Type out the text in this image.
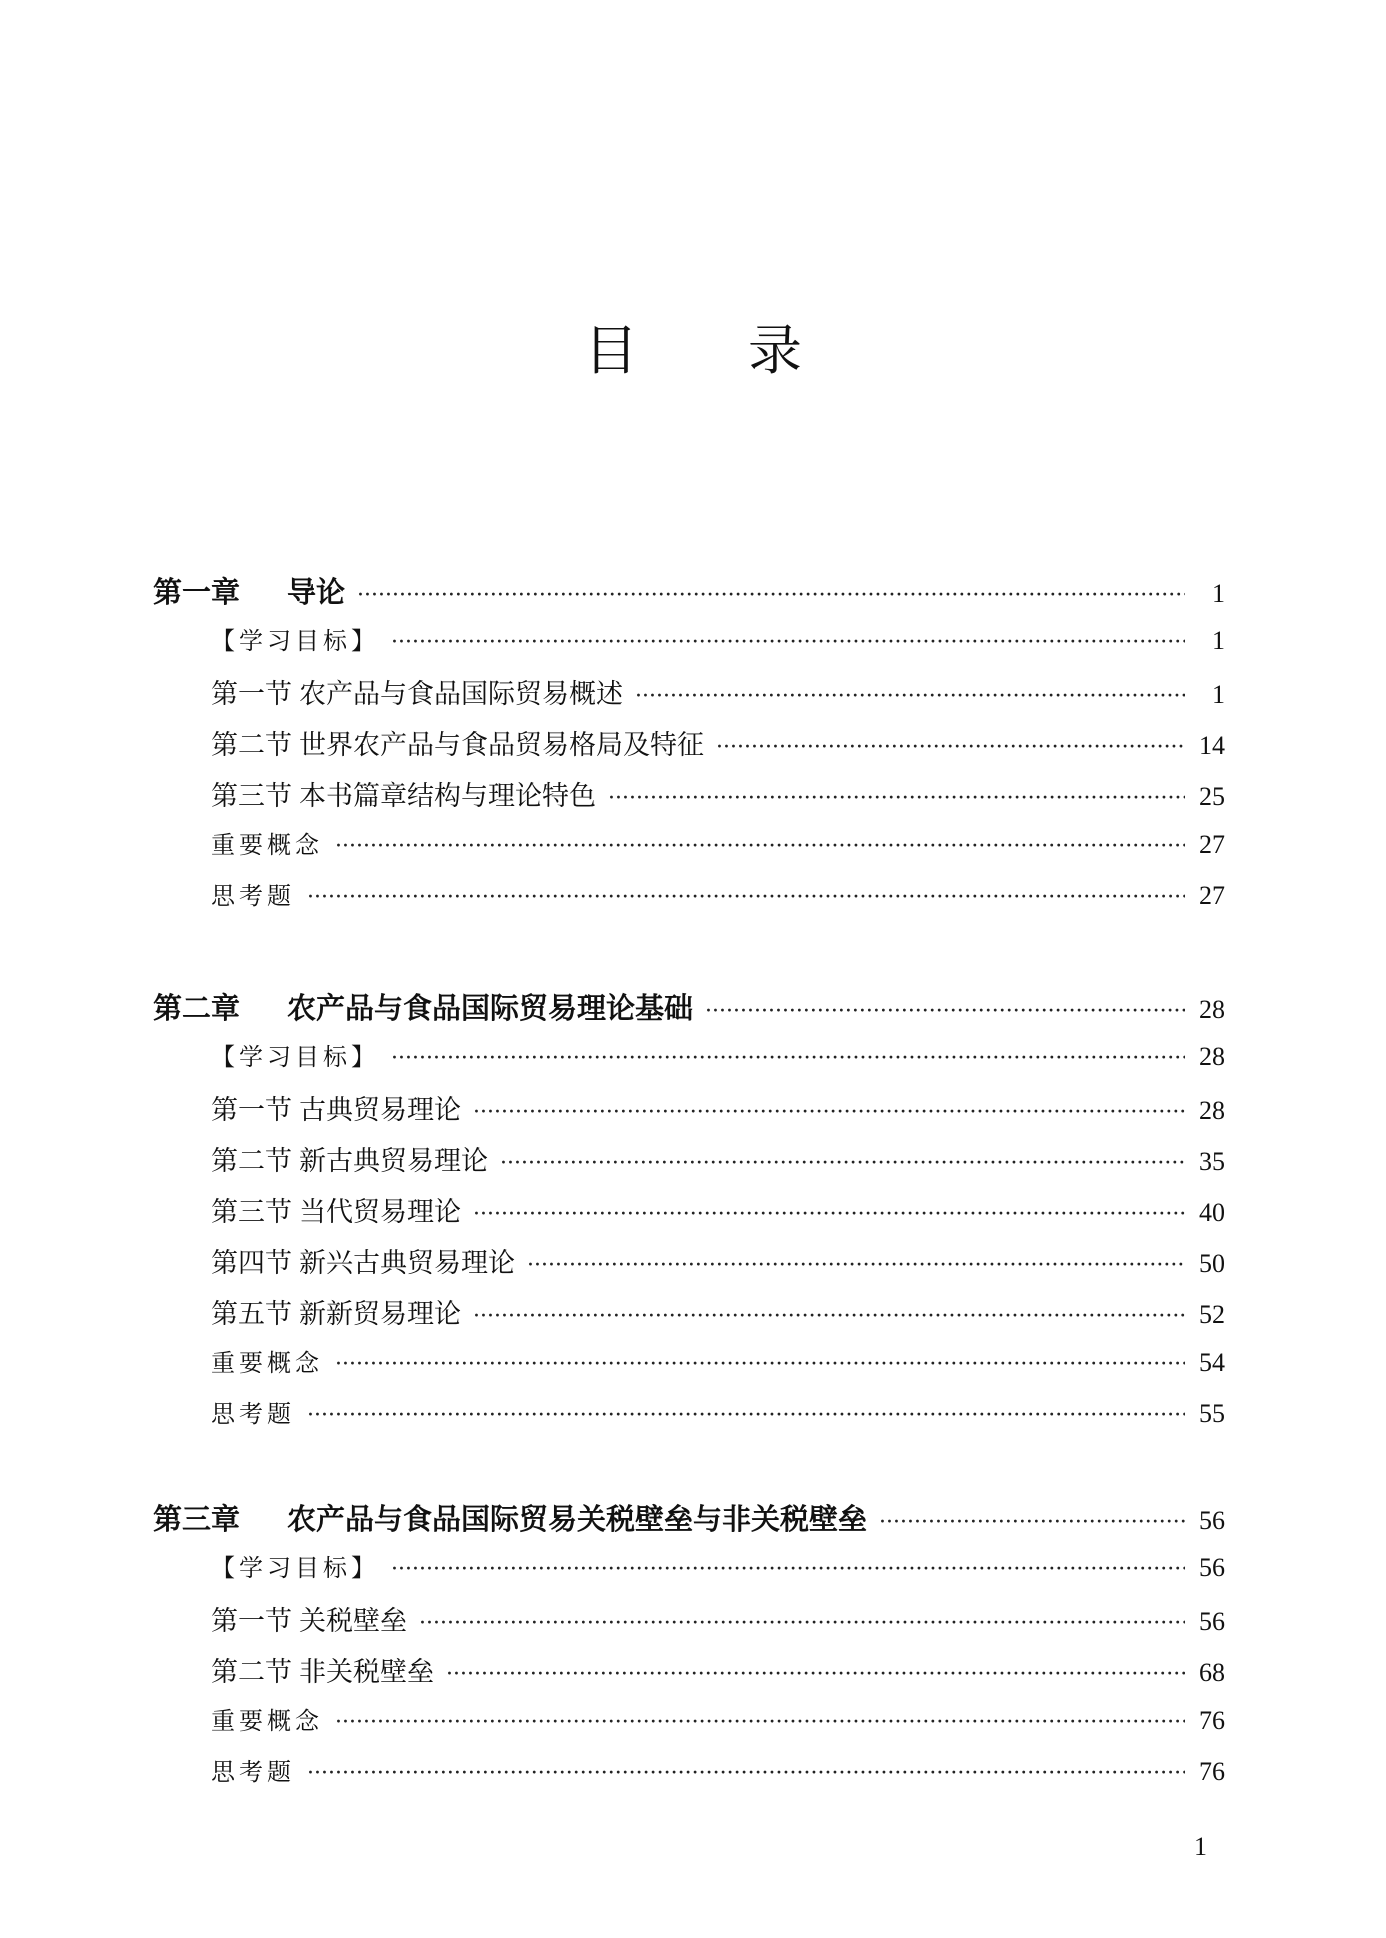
目录
第一章	导论 ·····	1
【学习目标】 ·····	1
第一节 农产品与食品国际贸易概述 ·····	1
第二节 世界农产品与食品贸易格局及特征 ·····	14
第三节 本书篇章结构与理论特色 ·····	25
重要概念 ·····	27
思考题 ·····	27
第二章	农产品与食品国际贸易理论基础 ·····	28
【学习目标】 ·····	28
第一节 古典贸易理论 ·····	28
第二节 新古典贸易理论 ·····	35
第三节 当代贸易理论 ·····	40
第四节 新兴古典贸易理论 ·····	50
第五节 新新贸易理论 ·····	52
重要概念 ·····	54
思考题 ·····	55
第三章	农产品与食品国际贸易关税壁垒与非关税壁垒 ·····	56
【学习目标】 ·····	56
第一节 关税壁垒 ·····	56
第二节 非关税壁垒 ·····	68
重要概念 ·····	76
思考题 ·····	76
1
